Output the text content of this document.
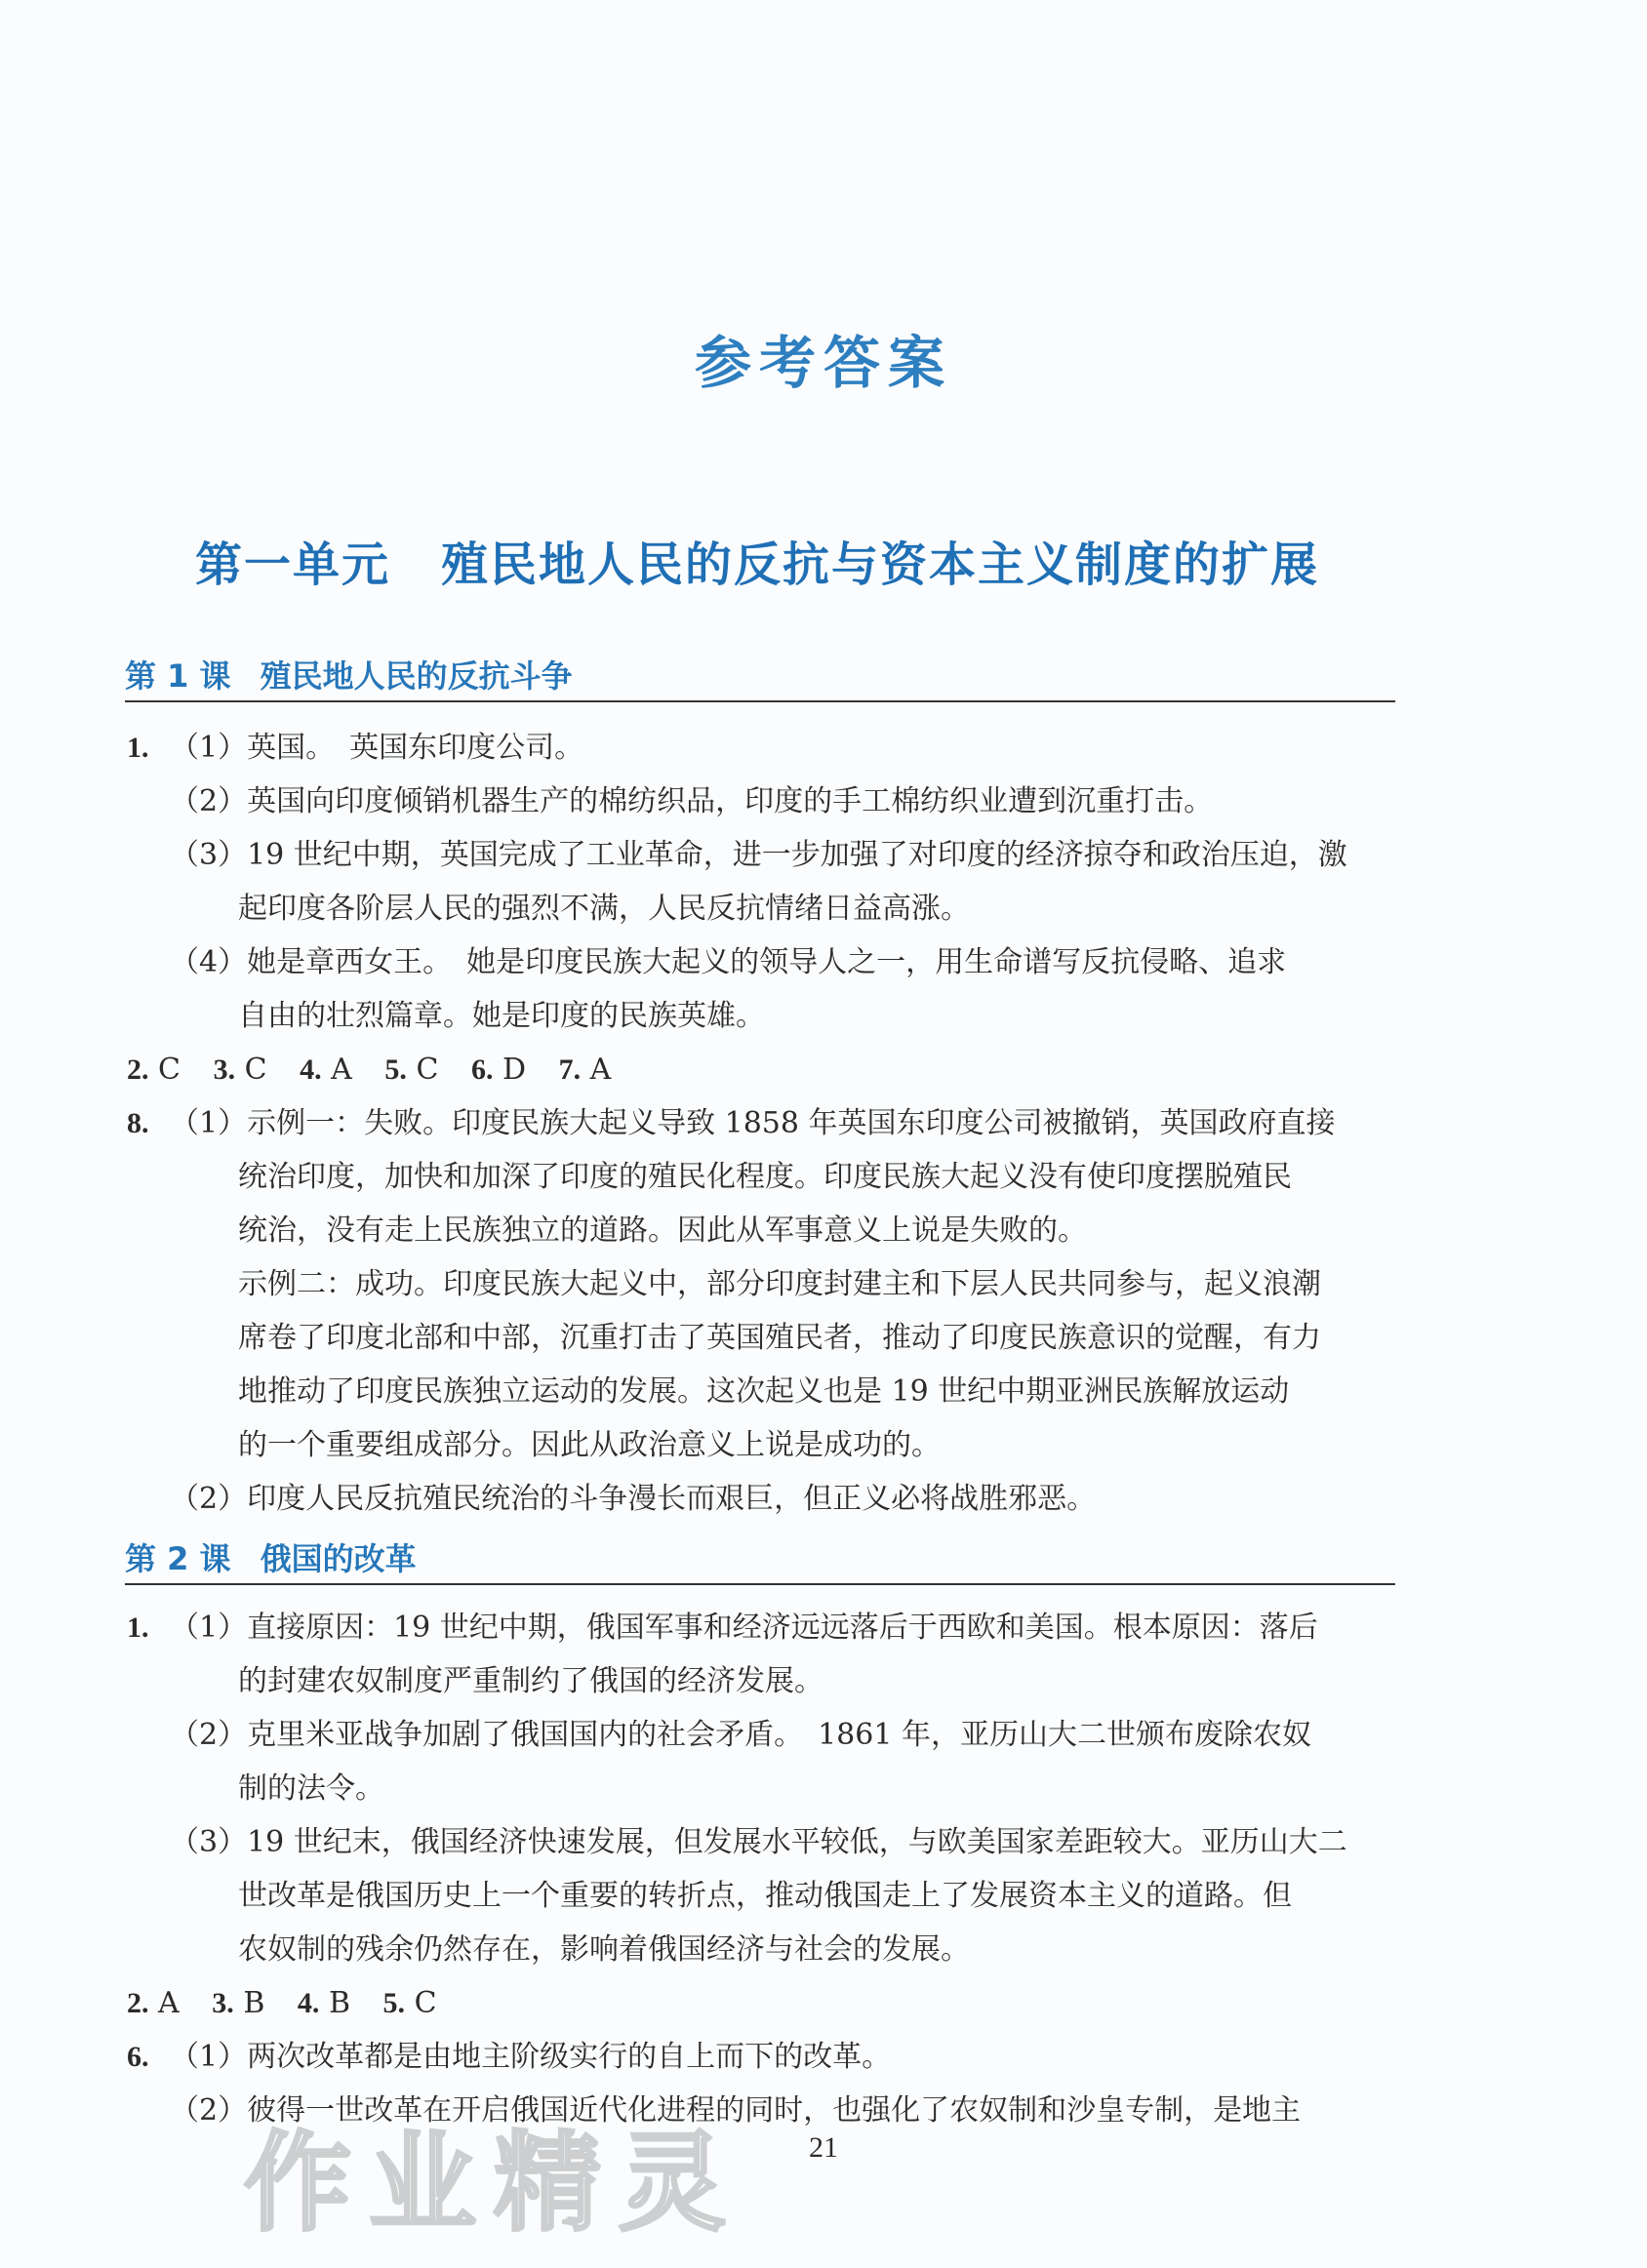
参考答案
第一单元 殖民地人民的反抗与资本主义制度的扩展
第 1 课 殖民地人民的反抗斗争
1. （1）英国。　英国东印度公司。
（2）英国向印度倾销机器生产的棉纺织品，印度的手工棉纺织业遭到沉重打击。
（3）19 世纪中期，英国完成了工业革命，进一步加强了对印度的经济掠夺和政治压迫，激
起印度各阶层人民的强烈不满，人民反抗情绪日益高涨。
（4）她是章西女王。　她是印度民族大起义的领导人之一，用生命谱写反抗侵略、追求
自由的壮烈篇章。她是印度的民族英雄。
2. C 3. C 4. A 5. C 6. D 7. A
8. （1）示例一：失败。印度民族大起义导致 1858 年英国东印度公司被撤销，英国政府直接
统治印度，加快和加深了印度的殖民化程度。印度民族大起义没有使印度摆脱殖民
统治，没有走上民族独立的道路。因此从军事意义上说是失败的。
示例二：成功。印度民族大起义中，部分印度封建主和下层人民共同参与，起义浪潮
席卷了印度北部和中部，沉重打击了英国殖民者，推动了印度民族意识的觉醒，有力
地推动了印度民族独立运动的发展。这次起义也是 19 世纪中期亚洲民族解放运动
的一个重要组成部分。因此从政治意义上说是成功的。
（2）印度人民反抗殖民统治的斗争漫长而艰巨，但正义必将战胜邪恶。
第 2 课 俄国的改革
1. （1）直接原因：19 世纪中期，俄国军事和经济远远落后于西欧和美国。根本原因：落后
的封建农奴制度严重制约了俄国的经济发展。
（2）克里米亚战争加剧了俄国国内的社会矛盾。　1861 年，亚历山大二世颁布废除农奴
制的法令。
（3）19 世纪末，俄国经济快速发展，但发展水平较低，与欧美国家差距较大。亚历山大二
世改革是俄国历史上一个重要的转折点，推动俄国走上了发展资本主义的道路。但
农奴制的残余仍然存在，影响着俄国经济与社会的发展。
2. A 3. B 4. B 5. C
6. （1）两次改革都是由地主阶级实行的自上而下的改革。
（2）彼得一世改革在开启俄国近代化进程的同时，也强化了农奴制和沙皇专制，是地主
21
作业精灵
